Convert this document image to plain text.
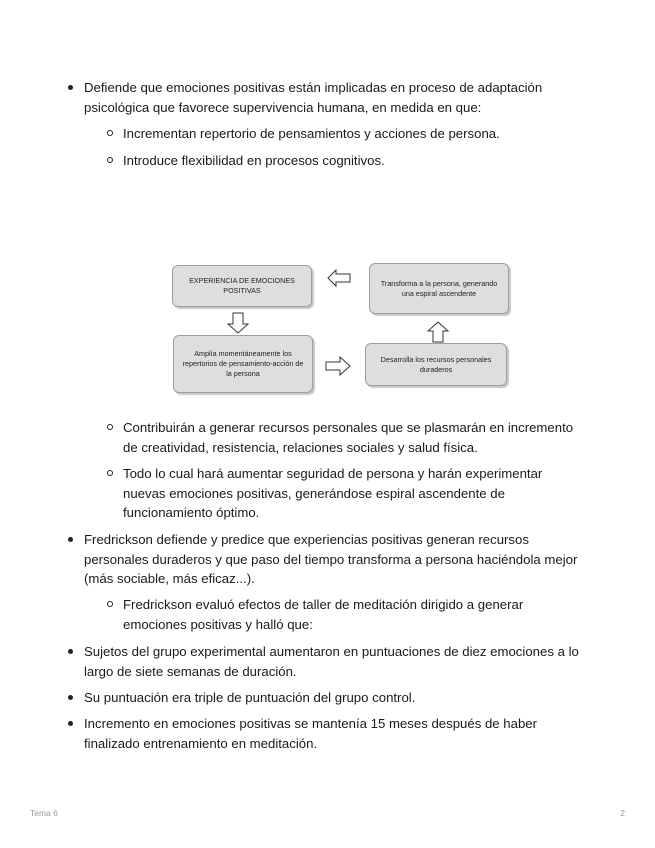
Defiende que emociones positivas están implicadas en proceso de adaptación psicológica que favorece supervivencia humana, en medida en que:
Incrementan repertorio de pensamientos y acciones de persona.
Introduce flexibilidad en procesos cognitivos.
EXPERIENCIA DE EMOCIONES POSITIVAS
Transforma a la persona, generando una espiral ascendente
Amplía momentáneamente los repertorios de pensamiento-acción de la persona
Desarrolla los recursos personales duraderos
Contribuirán a generar recursos personales que se plasmarán en incremento de creatividad, resistencia, relaciones sociales y salud física.
Todo lo cual hará aumentar seguridad de persona y harán experimentar nuevas emociones positivas, generándose espiral ascendente de funcionamiento óptimo.
Fredrickson defiende y predice que experiencias positivas generan recursos personales duraderos y que paso del tiempo transforma a persona haciéndola mejor (más sociable, más eficaz...).
Fredrickson evaluó efectos de taller de meditación dirigido a generar emociones positivas y halló que:
Sujetos del grupo experimental aumentaron en puntuaciones de diez emociones a lo largo de siete semanas de duración.
Su puntuación era triple de puntuación del grupo control.
Incremento en emociones positivas se mantenía 15 meses después de haber finalizado entrenamiento en meditación.
Tema 6	2
